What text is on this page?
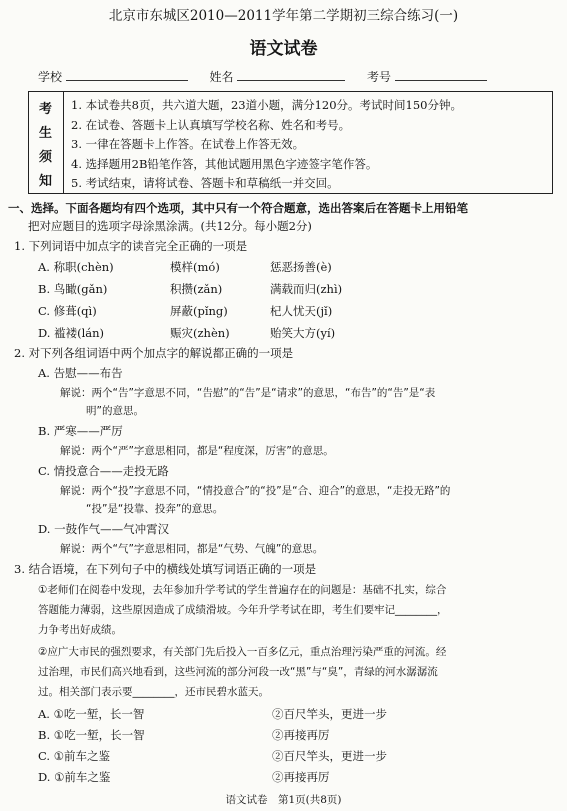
北京市东城区2010—2011学年第二学期初三综合练习(一)
语文试卷
学校	姓名	考号
考
生
须
知
1. 本试卷共8页，共六道大题，23道小题，满分120分。考试时间150分钟。
2. 在试卷、答题卡上认真填写学校名称、姓名和考号。
3. 一律在答题卡上作答。在试卷上作答无效。
4. 选择题用2B铅笔作答，其他试题用黑色字迹签字笔作答。
5. 考试结束，请将试卷、答题卡和草稿纸一并交回。
一、选择。下面各题均有四个选项，其中只有一个符合题意，选出答案后在答题卡上用铅笔
把对应题目的选项字母涂黑涂满。(共12分。每小题2分)
1. 下列词语中加点字的读音完全正确的一项是
A. 称职(chèn)	模样(mó)	惩恶扬善(è)
B. 鸟瞰(gǎn)	积攒(zǎn)	满载而归(zhì)
C. 修葺(qì)	屏蔽(pǐng)	杞人忧天(jǐ)
D. 褴褛(lán)	赈灾(zhèn)	贻笑大方(yí)
2. 对下列各组词语中两个加点字的解说都正确的一项是
A. 告慰——布告
解说：两个“告”字意思不同，“告慰”的“告”是“请求”的意思，“布告”的“告”是“表
明”的意思。
B. 严寒——严厉
解说：两个“严”字意思相同，都是“程度深，厉害”的意思。
C. 情投意合——走投无路
解说：两个“投”字意思不同，“情投意合”的“投”是“合、迎合”的意思，“走投无路”的
“投”是“投靠、投奔”的意思。
D. 一鼓作气——气冲霄汉
解说：两个“气”字意思相同，都是“气势、气魄”的意思。
3. 结合语境，在下列句子中的横线处填写词语正确的一项是
①老师们在阅卷中发现，去年参加升学考试的学生普遍存在的问题是：基础不扎实，综合
答题能力薄弱，这些原因造成了成绩滑坡。今年升学考试在即，考生们要牢记________，
力争考出好成绩。
②应广大市民的强烈要求，有关部门先后投入一百多亿元，重点治理污染严重的河流。经
过治理，市民们高兴地看到，这些河流的部分河段一改“黑”与“臭”，青绿的河水潺潺流
过。相关部门表示要________，还市民碧水蓝天。
A. ①吃一堑，长一智	②百尺竿头，更进一步
B. ①吃一堑，长一智	②再接再厉
C. ①前车之鉴	②百尺竿头，更进一步
D. ①前车之鉴	②再接再厉
语文试卷　第1页(共8页)
